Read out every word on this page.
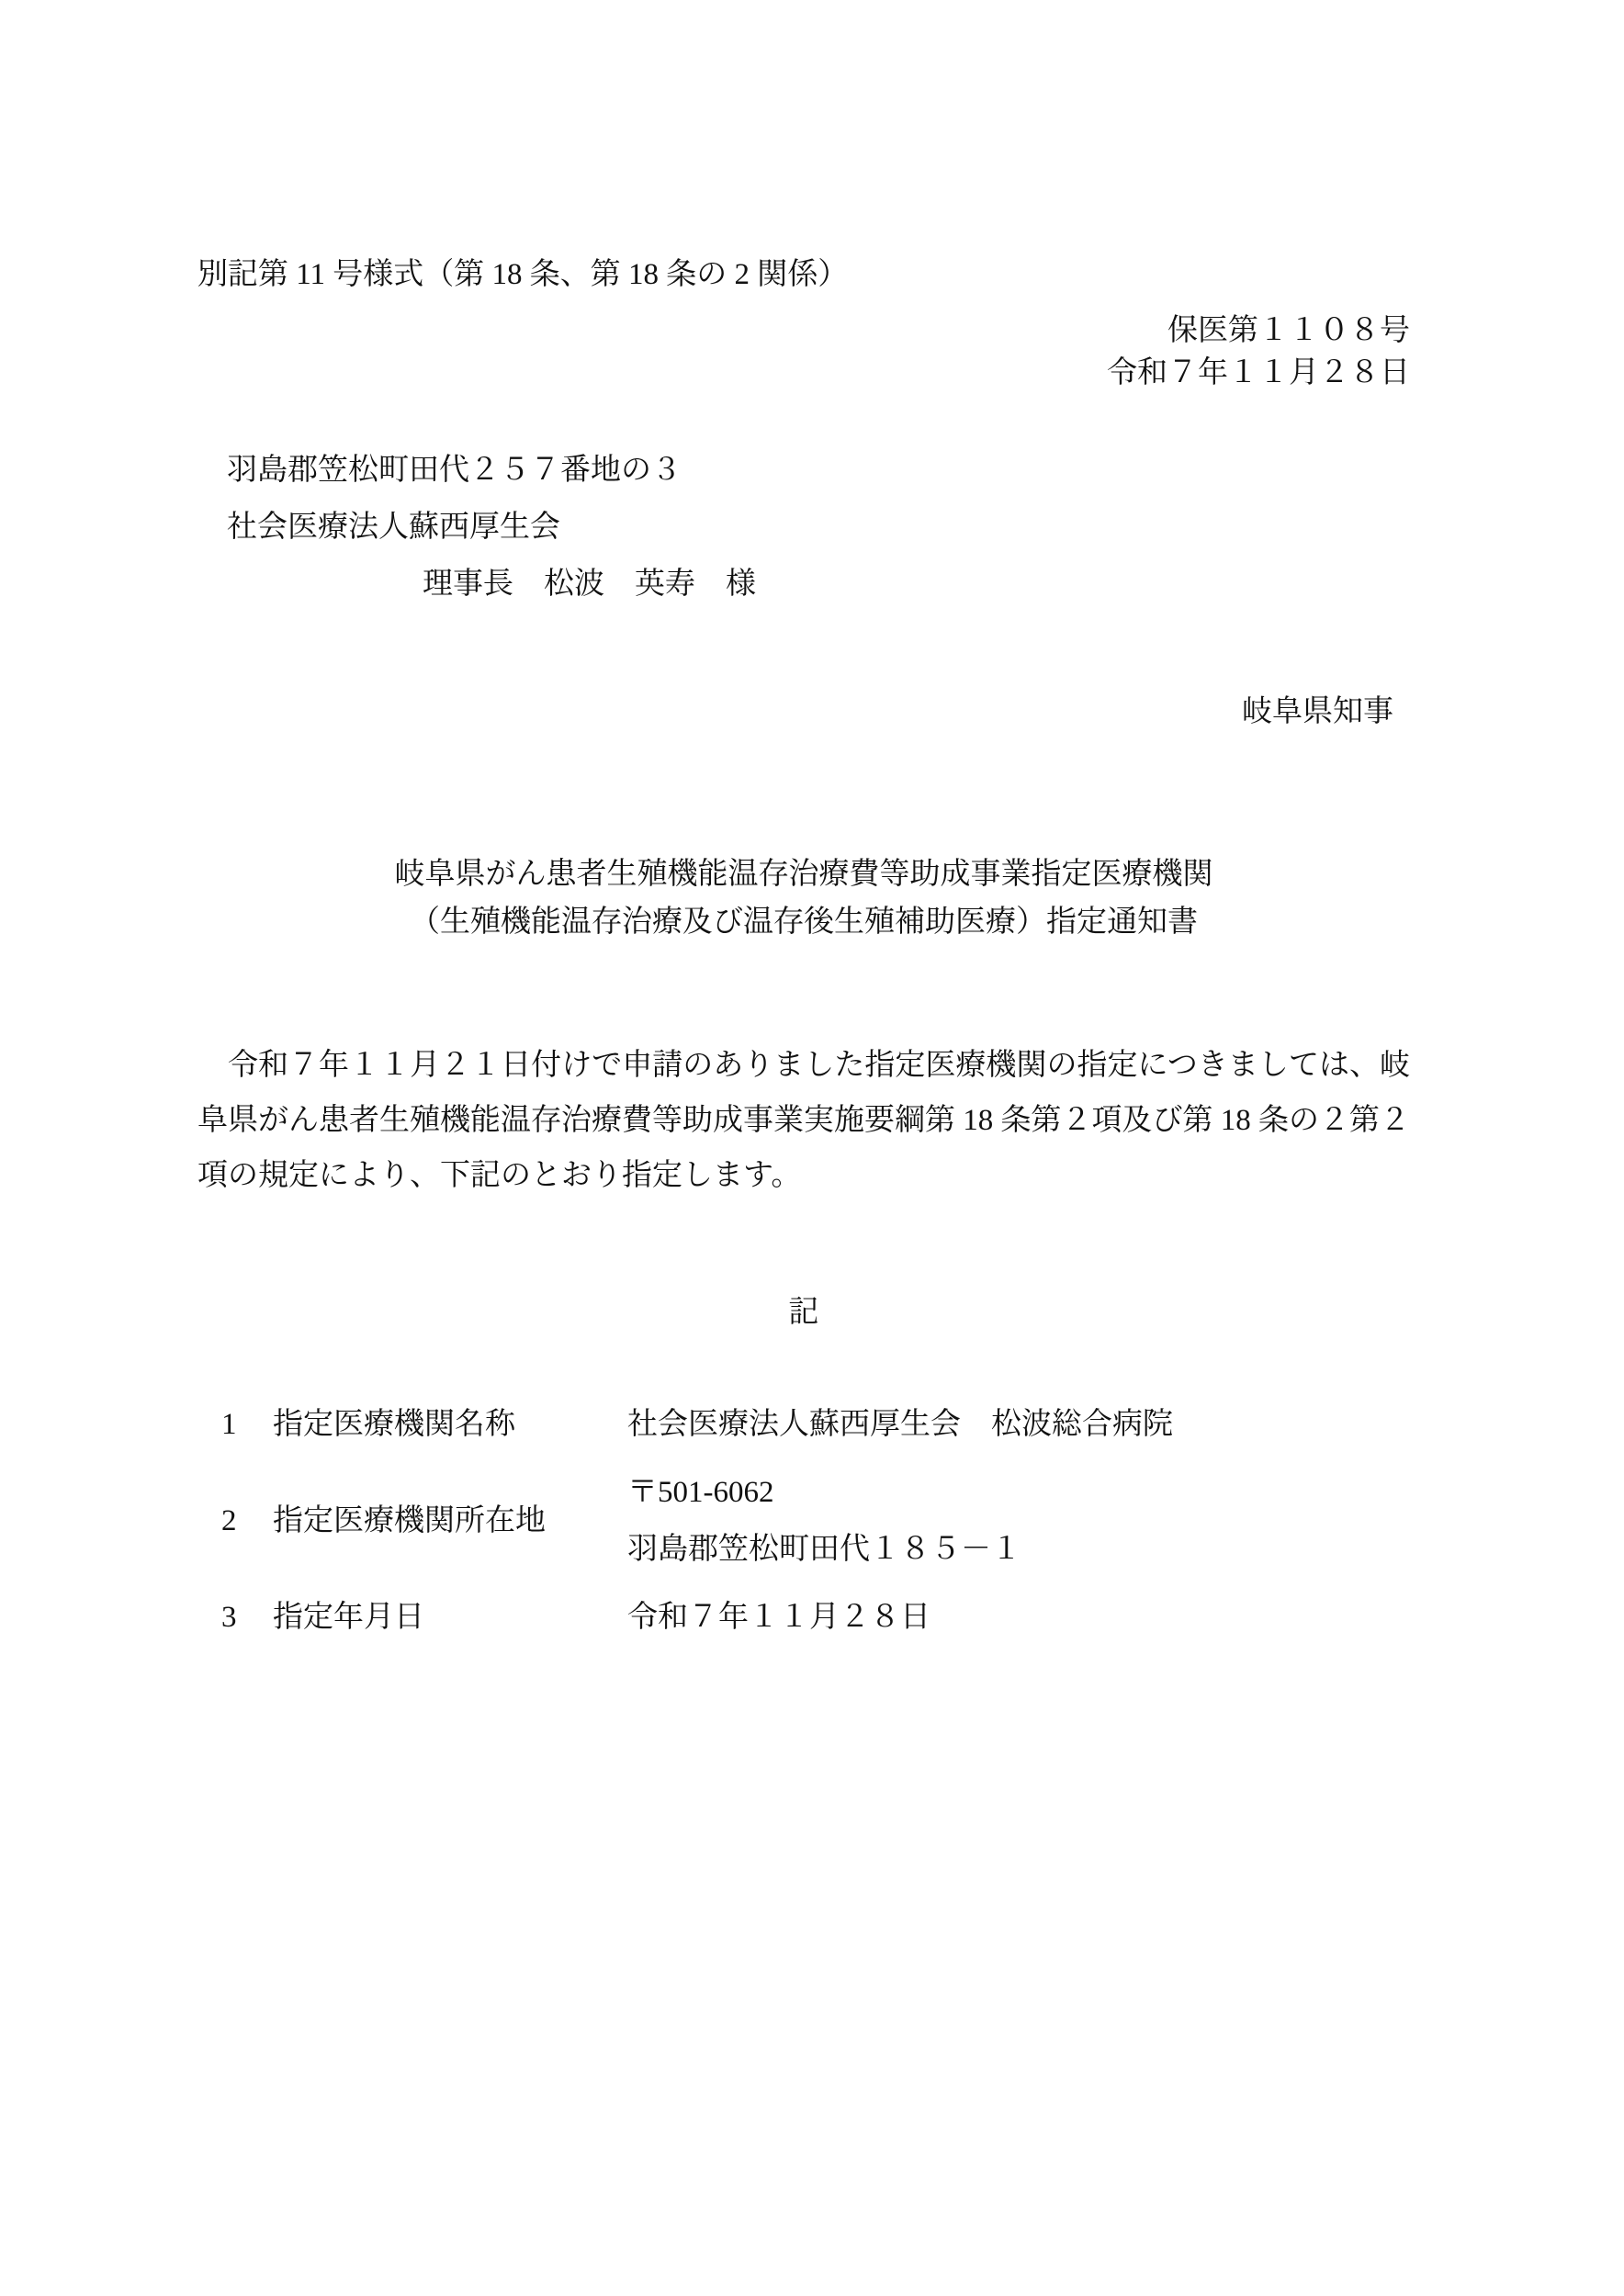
別記第 11 号様式（第 18 条、第 18 条の 2 関係）
保医第１１０８号
令和７年１１月２８日
羽島郡笠松町田代２５７番地の３
社会医療法人蘇西厚生会
理事長　松波　英寿　様
岐阜県知事
岐阜県がん患者生殖機能温存治療費等助成事業指定医療機関
（生殖機能温存治療及び温存後生殖補助医療）指定通知書
令和７年１１月２１日付けで申請のありました指定医療機関の指定につきましては、岐阜県がん患者生殖機能温存治療費等助成事業実施要綱第 18 条第２項及び第 18 条の２第２項の規定により、下記のとおり指定します。
記
1	指定医療機関名称	社会医療法人蘇西厚生会　松波総合病院
2	指定医療機関所在地
〒501-6062
羽島郡笠松町田代１８５－１
3	指定年月日	令和７年１１月２８日
